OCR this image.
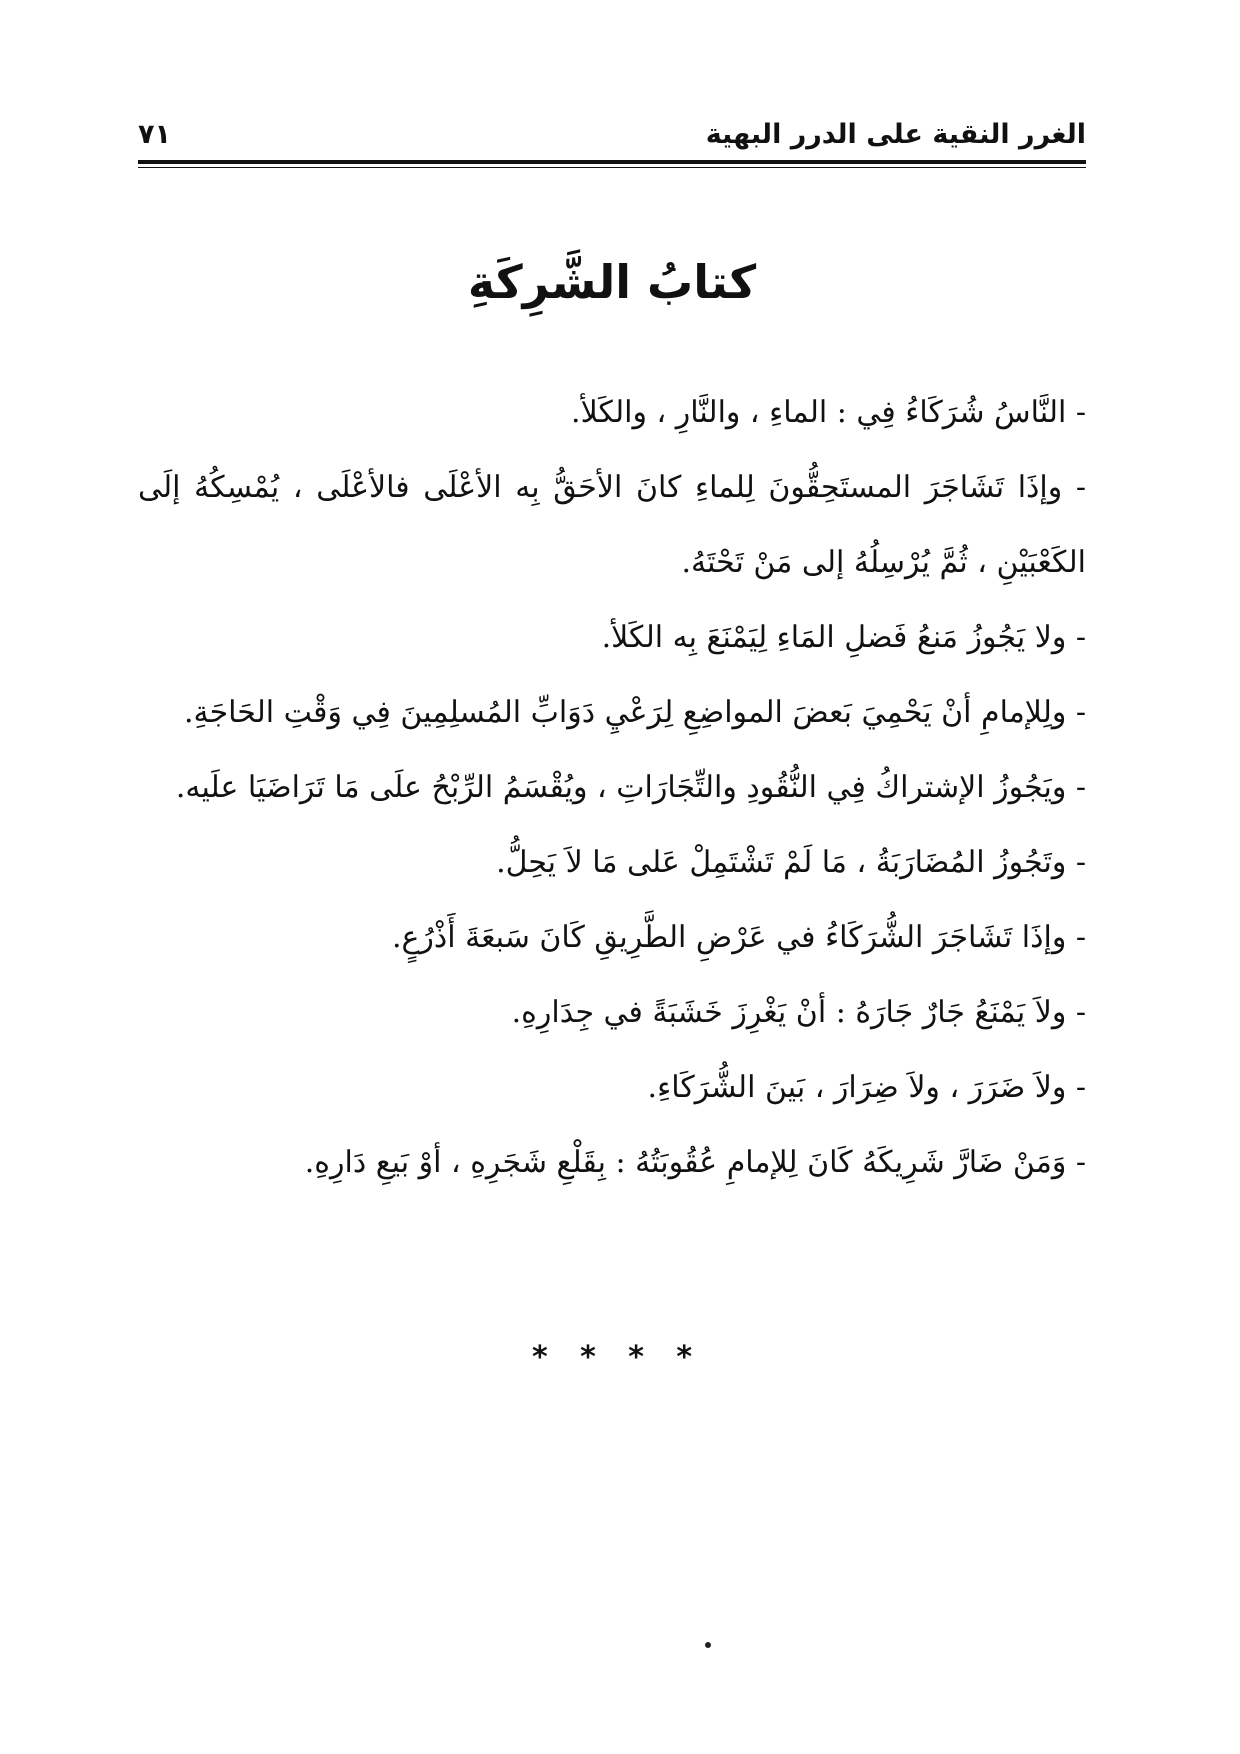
الغرر النقية على الدرر البهية
٧١
كتابُ الشَّرِكَةِ

- النَّاسُ شُرَكَاءُ فِي : الماءِ ، والنَّارِ ، والكَلأ.

- وإذَا تَشَاجَرَ المستَحِقُّونَ لِلماءِ كانَ الأحَقُّ بِه الأعْلَى فالأعْلَى ، يُمْسِكُهُ إلَى الكَعْبَيْنِ ، ثُمَّ يُرْسِلُهُ إلى مَنْ تَحْتَهُ.

- ولا يَجُوزُ مَنعُ فَضلِ المَاءِ لِيَمْنَعَ بِه الكَلأ.

- ولِلإمامِ أنْ يَحْمِيَ بَعضَ المواضِعِ لِرَعْيِ دَوَابِّ المُسلِمِينَ فِي وَقْتِ الحَاجَةِ.

- ويَجُوزُ الإشتراكُ فِي النُّقُودِ والتِّجَارَاتِ ، ويُقْسَمُ الرِّبْحُ علَى مَا تَرَاضَيَا علَيه.

- وتَجُوزُ المُضَارَبَةُ ، مَا لَمْ تَشْتَمِلْ عَلى مَا لاَ يَحِلُّ.

- وإذَا تَشَاجَرَ الشُّرَكَاءُ في عَرْضِ الطَّرِيقِ كَانَ سَبعَةَ أَذْرُعٍ.

- ولاَ يَمْنَعُ جَارٌ جَارَهُ : أنْ يَغْرِزَ خَشَبَةً في جِدَارِهِ.

- ولاَ ضَرَرَ ، ولاَ ضِرَارَ ، بَينَ الشُّرَكَاءِ.

- وَمَنْ ضَارَّ شَرِيكَهُ كَانَ لِلإمامِ عُقُوبَتُهُ : بِقَلْعِ شَجَرِهِ ، أوْ بَيعِ دَارِهِ.

* * * *
